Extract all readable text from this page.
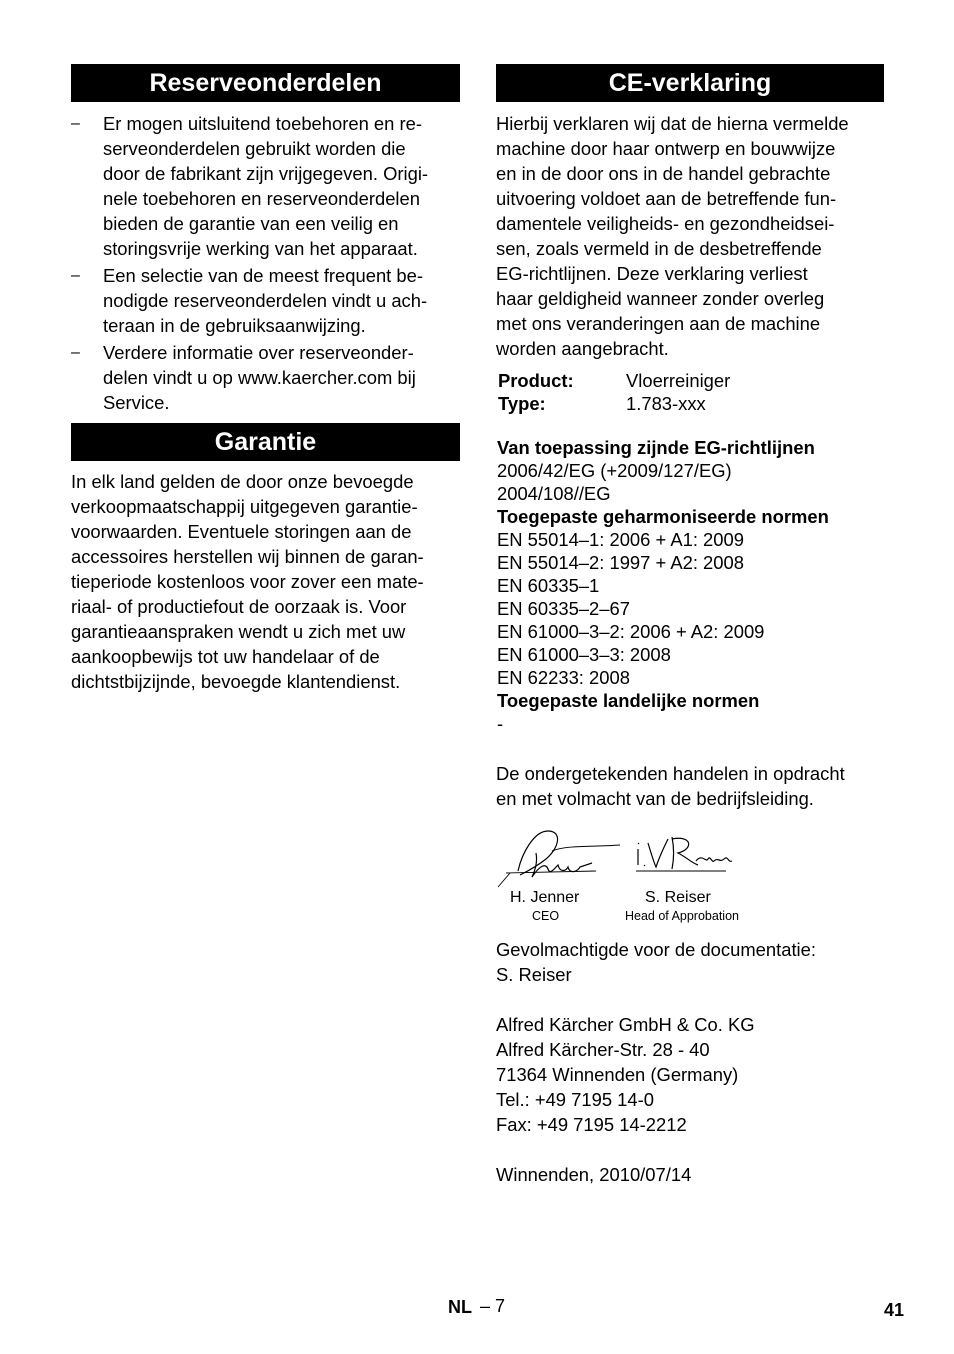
Reserveonderdelen
– Er mogen uitsluitend toebehoren en re-
serveonderdelen gebruikt worden die
door de fabrikant zijn vrijgegeven. Origi-
nele toebehoren en reserveonderdelen
bieden de garantie van een veilig en
storingsvrije werking van het apparaat.
– Een selectie van de meest frequent be-
nodigde reserveonderdelen vindt u ach-
teraan in de gebruiksaanwijzing.
– Verdere informatie over reserveonder-
delen vindt u op www.kaercher.com bij
Service.
Garantie

In elk land gelden de door onze bevoegde
verkoopmaatschappij uitgegeven garantie-
voorwaarden. Eventuele storingen aan de
accessoires herstellen wij binnen de garan-
tieperiode kostenloos voor zover een mate-
riaal- of productiefout de oorzaak is. Voor
garantieaanspraken wendt u zich met uw
aankoopbewijs tot uw handelaar of de
dichtstbijzijnde, bevoegde klantendienst.

CE-verklaring

Hierbij verklaren wij dat de hierna vermelde
machine door haar ontwerp en bouwwijze
en in de door ons in de handel gebrachte
uitvoering voldoet aan de betreffende fun-
damentele veiligheids- en gezondheidsei-
sen, zoals vermeld in de desbetreffende
EG-richtlijnen. Deze verklaring verliest
haar geldigheid wanneer zonder overleg
met ons veranderingen aan de machine
worden aangebracht.

Product:	Vloerreiniger
Type:	1.783-xxx
Van toepassing zijnde EG-richtlijnen
2006/42/EG (+2009/127/EG)
2004/108//EG
Toegepaste geharmoniseerde normen
EN 55014–1: 2006 + A1: 2009
EN 55014–2: 1997 + A2: 2008
EN 60335–1
EN 60335–2–67
EN 61000–3–2: 2006 + A2: 2009
EN 61000–3–3: 2008
EN 62233: 2008
Toegepaste landelijke normen
-

De ondergetekenden handelen in opdracht
en met volmacht van de bedrijfsleiding.

H. Jenner
CEO
S. Reiser
Head of Approbation

Gevolmachtigde voor de documentatie:
S. Reiser

Alfred Kärcher GmbH & Co. KG
Alfred Kärcher-Str. 28 - 40
71364 Winnenden (Germany)
Tel.: +49 7195 14-0
Fax: +49 7195 14-2212

Winnenden, 2010/07/14

NL – 7	41
